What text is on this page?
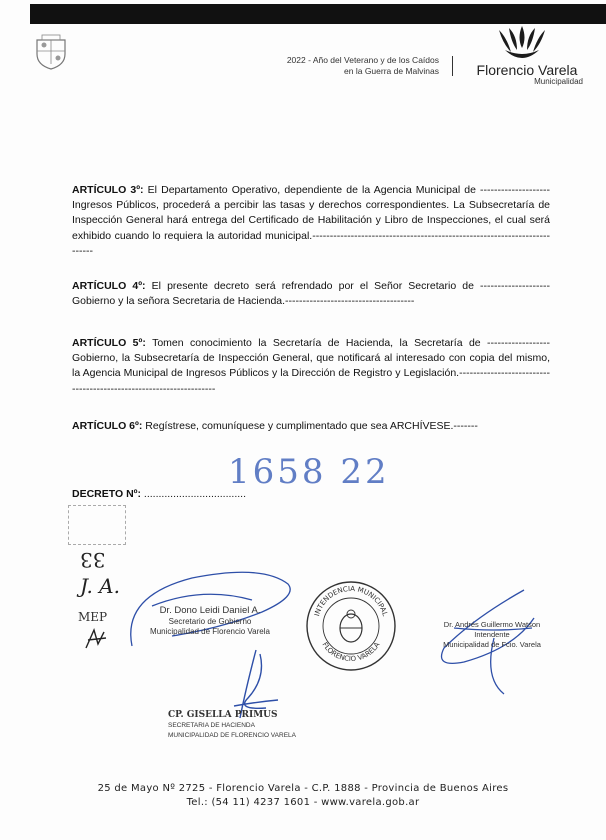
2022 - Año del Veterano y de los Caídos
en la Guerra de Malvinas	Florencio Varela
Municipalidad

ARTÍCULO 3º: El Departamento Operativo, dependiente de la Agencia Municipal de -------------------- Ingresos Públicos, procederá a percibir las tasas y derechos correspondientes. La Subsecretaría de Inspección General hará entrega del Certificado de Habilitación y Libro de Inspecciones, el cual será exhibido cuando lo requiera la autoridad municipal.--------------------------------------------------------------------------

ARTÍCULO 4º: El presente decreto será refrendado por el Señor Secretario de -------------------- Gobierno y la señora Secretaria de Hacienda.-------------------------------------

ARTÍCULO 5º: Tomen conocimiento la Secretaría de Hacienda, la Secretaría de ------------------ Gobierno, la Subsecretaría de Inspección General, que notificará al interesado con copia del mismo, la Agencia Municipal de Ingresos Públicos y la Dirección de Registro y Legislación.-------------------------------------------------------------------

ARTÍCULO 6º: Regístrese, comuníquese y cumplimentado que sea ARCHÍVESE.-------

1658 22
DECRETO Nº: ...................................
33
J. A.
MEP	Dr. Dono Leidi Daniel A.
Secretario de Gobierno
Municipalidad de Florencio Varela
INTENDENCIA MUNICIPAL
FLORENCIO VARELA
Dr. Andrés Guillermo Watson
Intendente
Municipalidad de Fcio. Varela
CP. GISELLA PRIMUS
SECRETARIA DE HACIENDA
MUNICIPALIDAD DE FLORENCIO VARELA
25 de Mayo Nº 2725 - Florencio Varela - C.P. 1888 - Provincia de Buenos Aires
Tel.: (54 11) 4237 1601 - www.varela.gob.ar
